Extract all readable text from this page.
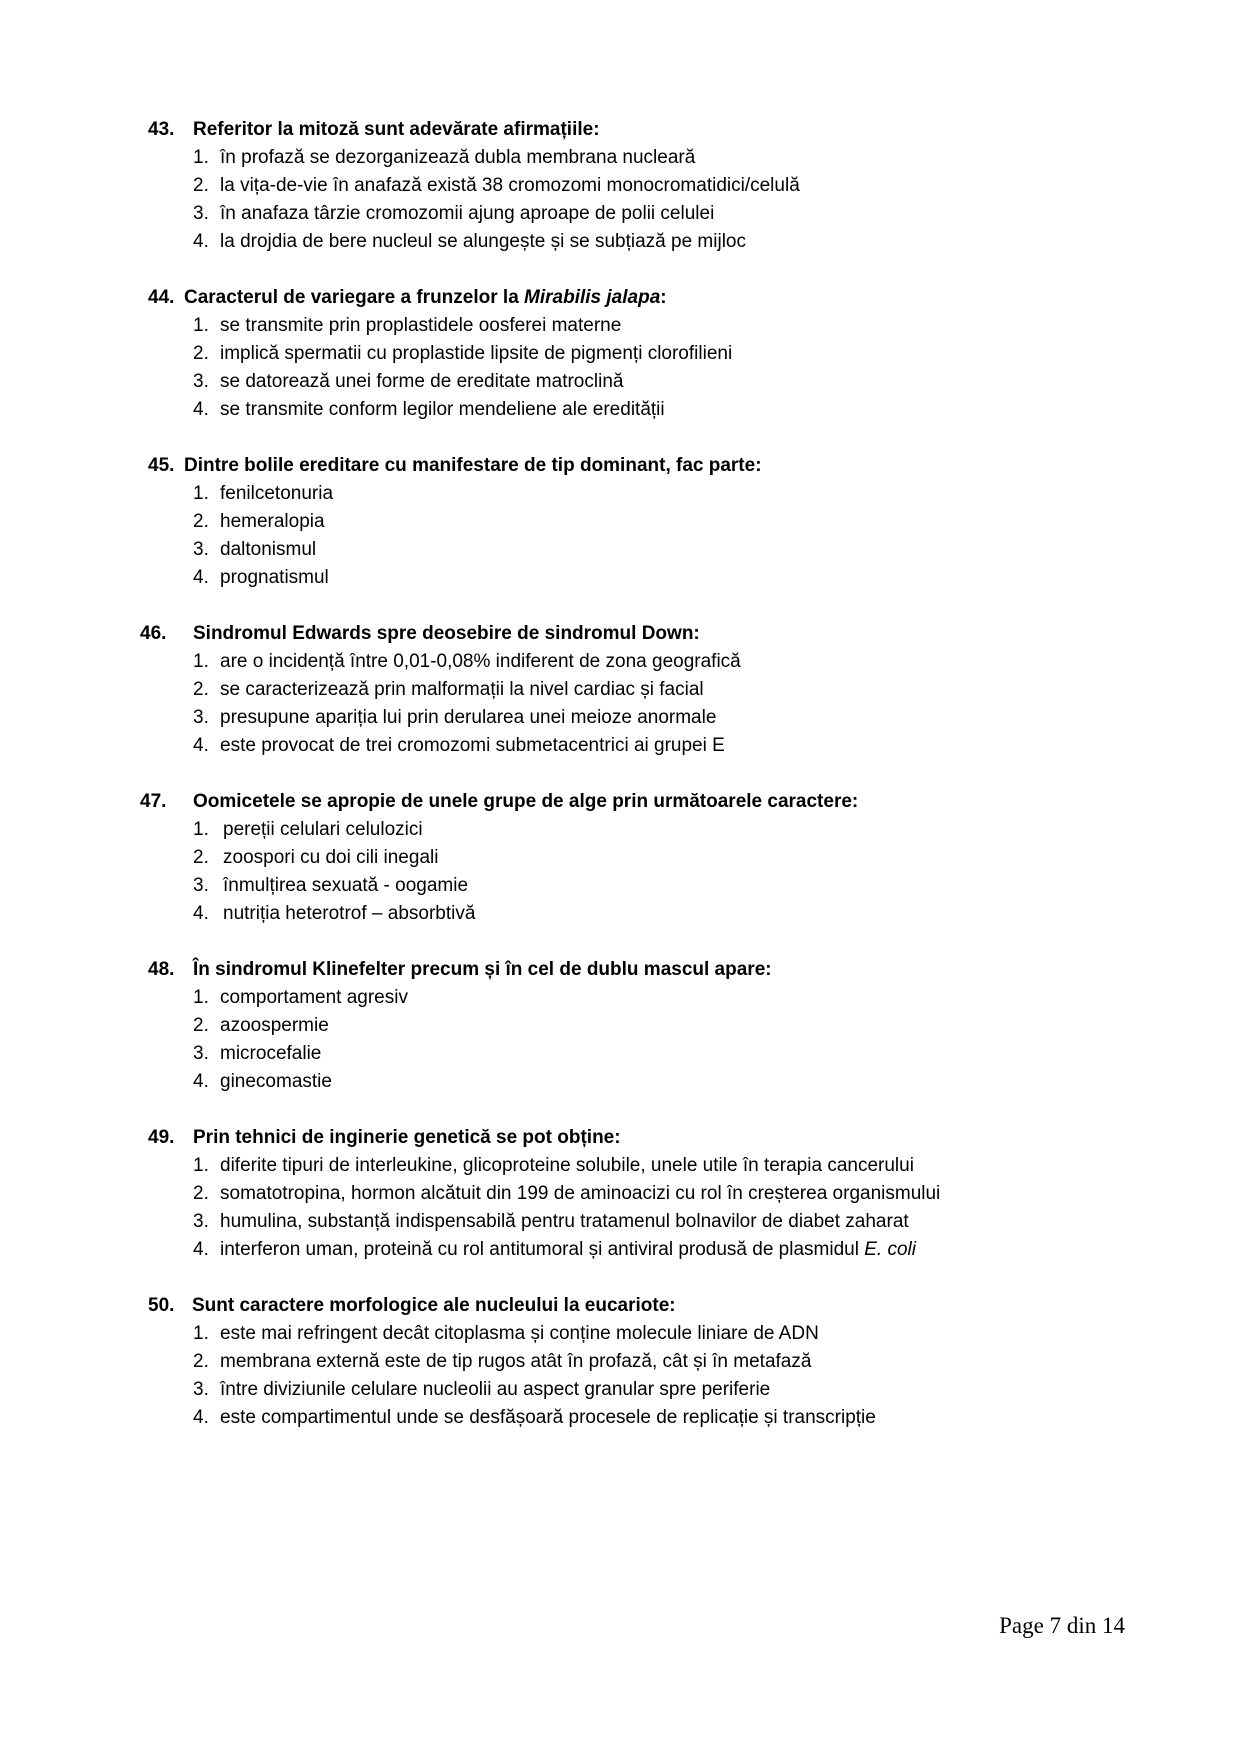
43. Referitor la mitoză sunt adevărate afirmațiile:
1. în profază se dezorganizează dubla membrana nucleară
2. la vița-de-vie în anafază există 38 cromozomi monocromatidici/celulă
3. în anafaza târzie cromozomii ajung aproape de polii celulei
4. la drojdia de bere nucleul se alungește și se subțiază pe mijloc
44. Caracterul de variegare a frunzelor la Mirabilis jalapa:
1. se transmite prin proplastidele oosferei materne
2. implică spermatii cu proplastide lipsite de pigmenți clorofilieni
3. se datorează unei forme de ereditate matroclină
4. se transmite conform legilor mendeliene ale eredității
45. Dintre bolile ereditare cu manifestare de tip dominant, fac parte:
1. fenilcetonuria
2. hemeralopia
3. daltonismul
4. prognatismul
46. Sindromul Edwards spre deosebire de sindromul Down:
1. are o incidență între 0,01-0,08% indiferent de zona geografică
2. se caracterizează prin malformații la nivel cardiac și facial
3. presupune apariția lui prin derularea unei meioze anormale
4. este provocat de trei cromozomi submetacentrici ai grupei E
47. Oomicetele se apropie de unele grupe de alge prin următoarele caractere:
1. pereții celulari celulozici
2. zoospori cu doi cili inegali
3. înmulțirea sexuată - oogamie
4. nutriția heterotrof – absorbtivă
48. În sindromul Klinefelter precum și în cel de dublu mascul apare:
1. comportament agresiv
2. azoospermie
3. microcefalie
4. ginecomastie
49. Prin tehnici de inginerie genetică se pot obține:
1. diferite tipuri de interleukine, glicoproteine solubile, unele utile în terapia cancerului
2. somatotropina, hormon alcătuit din 199 de aminoacizi cu rol în creșterea organismului
3. humulina, substanță indispensabilă pentru tratamenul bolnavilor de diabet zaharat
4. interferon uman, proteină cu rol antitumoral și antiviral produsă de plasmidul E. coli
50. Sunt caractere morfologice ale nucleului la eucariote:
1. este mai refringent decât citoplasma și conține molecule liniare de ADN
2. membrana externă este de tip rugos atât în profază, cât și în metafază
3. între diviziunile celulare nucleolii au aspect granular spre periferie
4. este compartimentul unde se desfășoară procesele de replicație și transcripție
Page 7 din 14
